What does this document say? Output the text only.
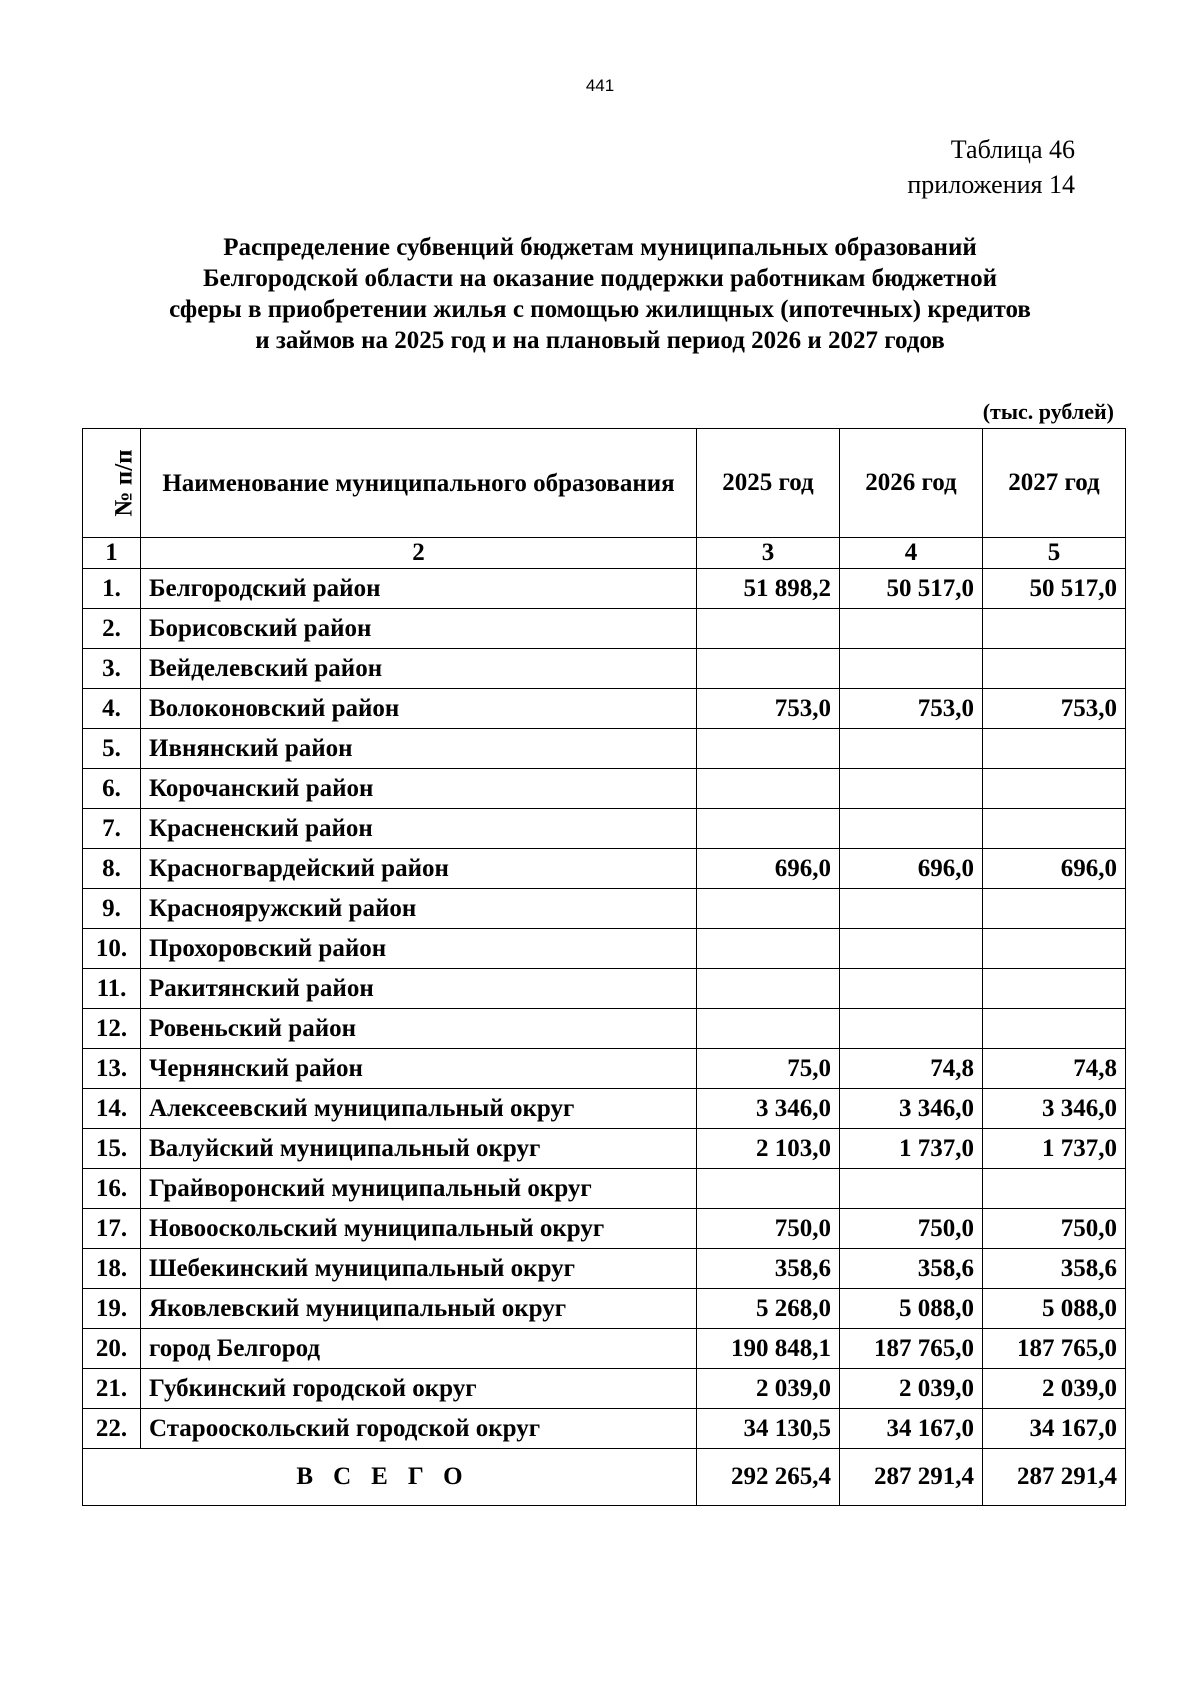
441
Таблица 46
приложения 14
Распределение субвенций бюджетам муниципальных образований
Белгородской области на оказание поддержки работникам бюджетной
сферы в приобретении жилья с помощью жилищных (ипотечных) кредитов
и займов на 2025 год и на плановый период 2026 и 2027 годов
(тыс. рублей)
№ п/п	Наименование муниципального образования	2025 год	2026 год	2027 год
1	2	3	4	5
1.	Белгородский район	51 898,2	50 517,0	50 517,0
2.	Борисовский район			
3.	Вейделевский район			
4.	Волоконовский район	753,0	753,0	753,0
5.	Ивнянский район			
6.	Корочанский район			
7.	Красненский район			
8.	Красногвардейский район	696,0	696,0	696,0
9.	Краснояружский район			
10.	Прохоровский район			
11.	Ракитянский район			
12.	Ровеньский район			
13.	Чернянский район	75,0	74,8	74,8
14.	Алексеевский муниципальный округ	3 346,0	3 346,0	3 346,0
15.	Валуйский муниципальный округ	2 103,0	1 737,0	1 737,0
16.	Грайворонский муниципальный округ			
17.	Новооскольский муниципальный округ	750,0	750,0	750,0
18.	Шебекинский муниципальный округ	358,6	358,6	358,6
19.	Яковлевский муниципальный округ	5 268,0	5 088,0	5 088,0
20.	город Белгород	190 848,1	187 765,0	187 765,0
21.	Губкинский городской округ	2 039,0	2 039,0	2 039,0
22.	Старооскольский городской округ	34 130,5	34 167,0	34 167,0
ВСЕГО		292 265,4	287 291,4	287 291,4
